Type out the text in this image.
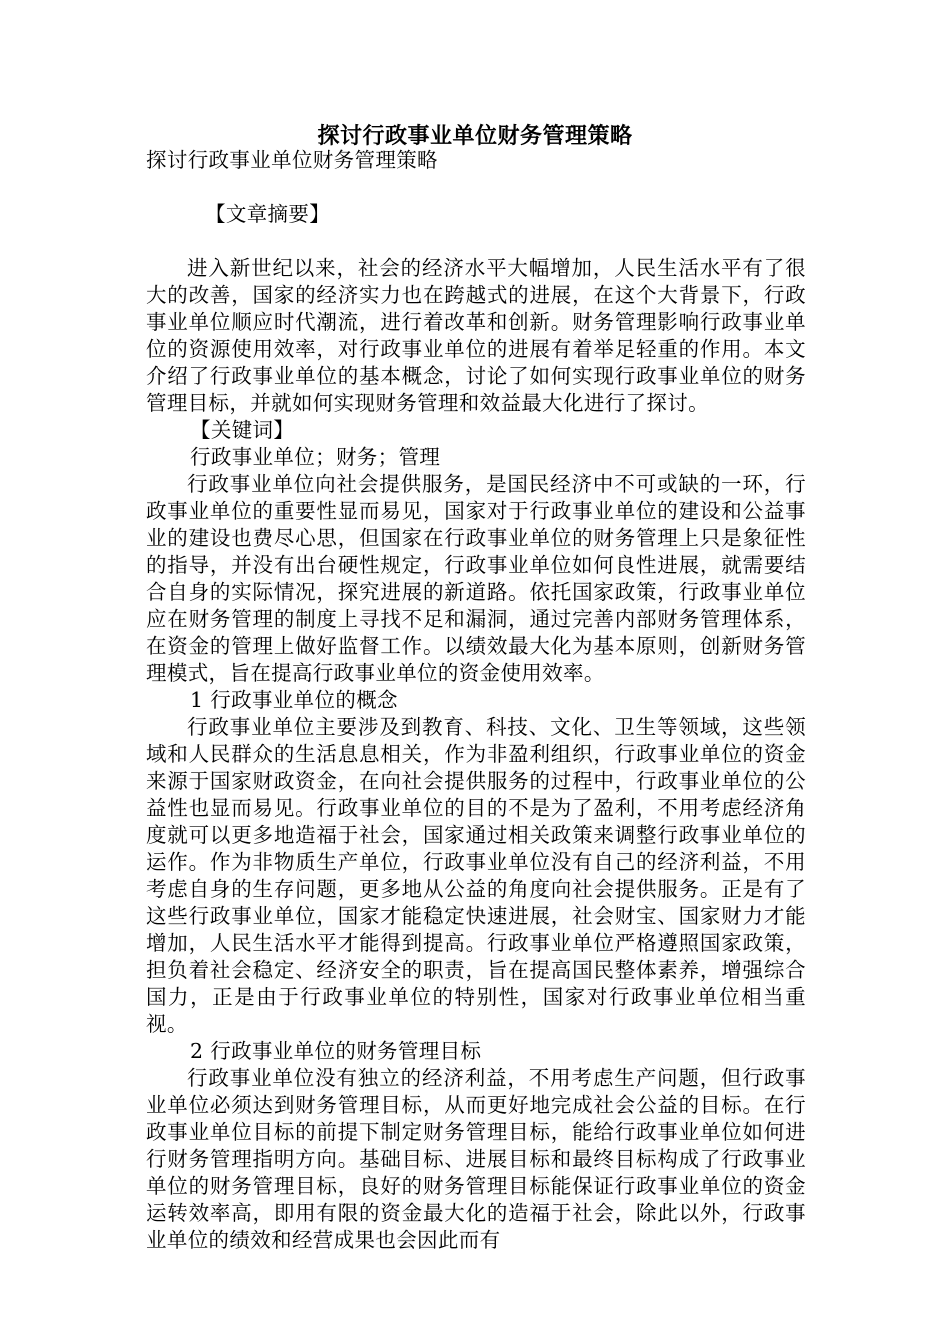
探讨行政事业单位财务管理策略

探讨行政事业单位财务管理策略

【文章摘要】

进入新世纪以来，社会的经济水平大幅增加，人民生活水平有了很大的改善，国家的经济实力也在跨越式的进展，在这个大背景下，行政事业单位顺应时代潮流，进行着改革和创新。财务管理影响行政事业单位的资源使用效率，对行政事业单位的进展有着举足轻重的作用。本文介绍了行政事业单位的基本概念，讨论了如何实现行政事业单位的财务管理目标，并就如何实现财务管理和效益最大化进行了探讨。

【关键词】

行政事业单位；财务；管理

行政事业单位向社会提供服务，是国民经济中不可或缺的一环，行政事业单位的重要性显而易见，国家对于行政事业单位的建设和公益事业的建设也费尽心思，但国家在行政事业单位的财务管理上只是象征性的指导，并没有出台硬性规定，行政事业单位如何良性进展，就需要结合自身的实际情况，探究进展的新道路。依托国家政策，行政事业单位应在财务管理的制度上寻找不足和漏洞，通过完善内部财务管理体系，在资金的管理上做好监督工作。以绩效最大化为基本原则，创新财务管理模式，旨在提高行政事业单位的资金使用效率。

1 行政事业单位的概念

行政事业单位主要涉及到教育、科技、文化、卫生等领域，这些领域和人民群众的生活息息相关，作为非盈利组织，行政事业单位的资金来源于国家财政资金，在向社会提供服务的过程中，行政事业单位的公益性也显而易见。行政事业单位的目的不是为了盈利，不用考虑经济角度就可以更多地造福于社会，国家通过相关政策来调整行政事业单位的运作。作为非物质生产单位，行政事业单位没有自己的经济利益，不用考虑自身的生存问题，更多地从公益的角度向社会提供服务。正是有了这些行政事业单位，国家才能稳定快速进展，社会财宝、国家财力才能增加，人民生活水平才能得到提高。行政事业单位严格遵照国家政策，担负着社会稳定、经济安全的职责，旨在提高国民整体素养，增强综合国力，正是由于行政事业单位的特别性，国家对行政事业单位相当重视。

2 行政事业单位的财务管理目标

行政事业单位没有独立的经济利益，不用考虑生产问题，但行政事业单位必须达到财务管理目标，从而更好地完成社会公益的目标。在行政事业单位目标的前提下制定财务管理目标，能给行政事业单位如何进行财务管理指明方向。基础目标、进展目标和最终目标构成了行政事业单位的财务管理目标，良好的财务管理目标能保证行政事业单位的资金运转效率高，即用有限的资金最大化的造福于社会，除此以外，行政事业单位的绩效和经营成果也会因此而有
